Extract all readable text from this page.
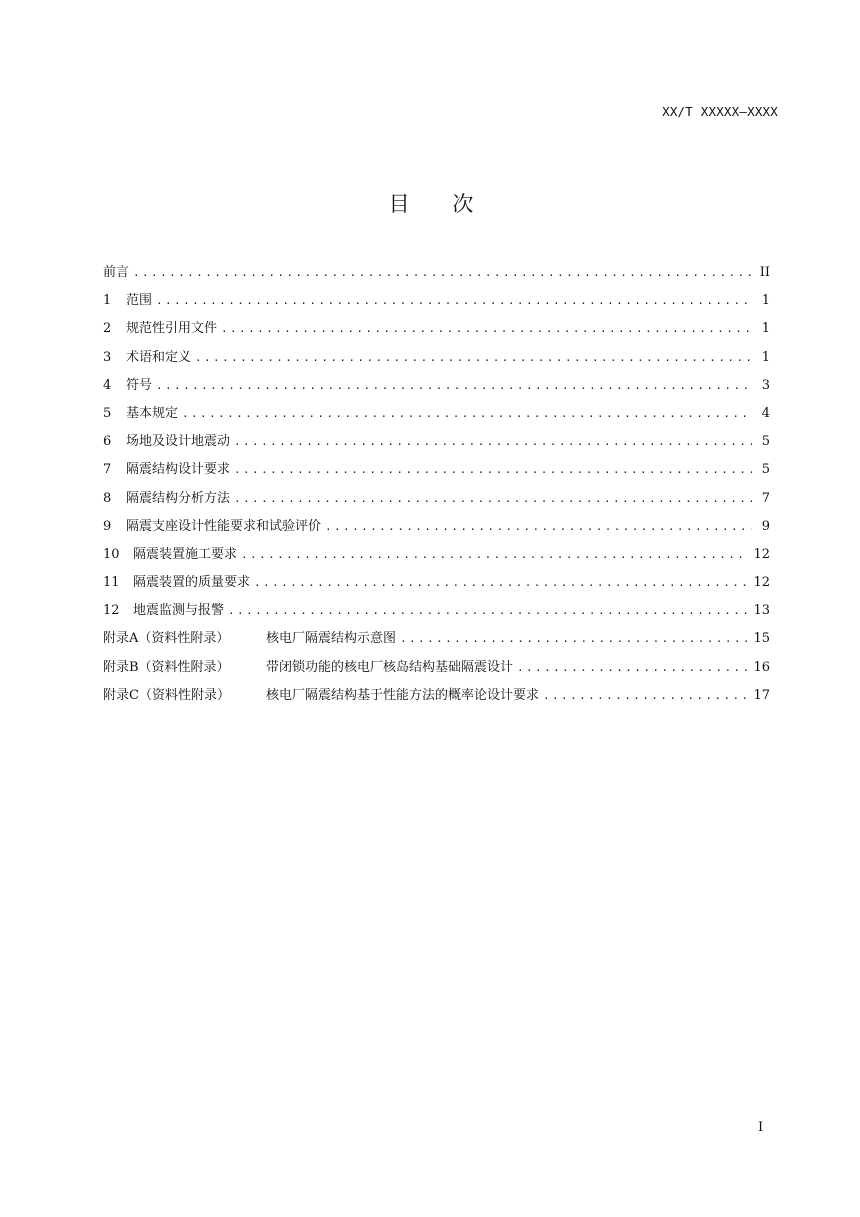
XX/T XXXXX—XXXX
目 次
前言 .....	II
1	范围 .....	1
2	规范性引用文件 .....	1
3	术语和定义 .....	1
4	符号 .....	3
5	基本规定 .....	4
6	场地及设计地震动 .....	5
7	隔震结构设计要求 .....	5
8	隔震结构分析方法 .....	7
9	隔震支座设计性能要求和试验评价 .....	9
10	隔震装置施工要求 .....	12
11	隔震装置的质量要求 .....	12
12	地震监测与报警 .....	13
附录A（资料性附录）	核电厂隔震结构示意图 .....	15
附录B（资料性附录）	带闭锁功能的核电厂核岛结构基础隔震设计 .....	16
附录C（资料性附录）	核电厂隔震结构基于性能方法的概率论设计要求 .....	17
I
